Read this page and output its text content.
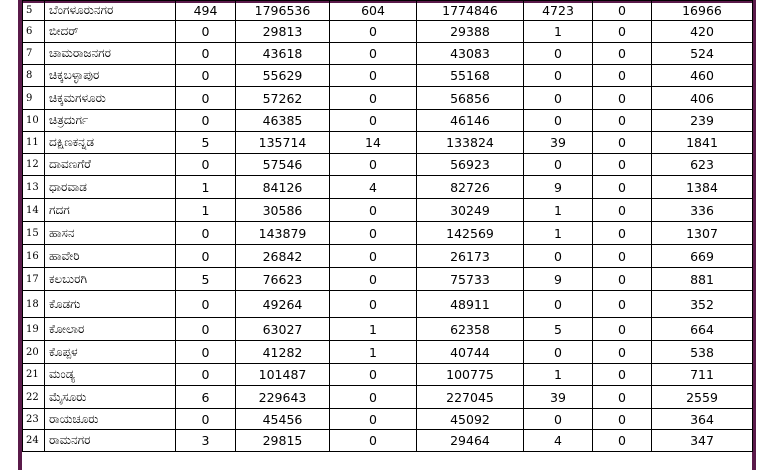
5	ಬೆಂಗಳೂರುನಗರ	494	1796536	604	1774846	4723	0	16966	
6	ಬೀದರ್	0	29813	0	29388	1	0	420	
7	ಚಾಮರಾಜನಗರ	0	43618	0	43083	0	0	524	
8	ಚಿಕ್ಕಬಳ್ಳಾಪುರ	0	55629	0	55168	0	0	460	
9	ಚಿಕ್ಕಮಗಳೂರು	0	57262	0	56856	0	0	406	
10	ಚಿತ್ರದುರ್ಗ	0	46385	0	46146	0	0	239	
11	ದಕ್ಷಿಣಕನ್ನಡ	5	135714	14	133824	39	0	1841	
12	ದಾವಣಗೆರೆ	0	57546	0	56923	0	0	623	
13	ಧಾರವಾಡ	1	84126	4	82726	9	0	1384	
14	ಗದಗ	1	30586	0	30249	1	0	336	
15	ಹಾಸನ	0	143879	0	142569	1	0	1307	
16	ಹಾವೇರಿ	0	26842	0	26173	0	0	669	
17	ಕಲಬುರಗಿ	5	76623	0	75733	9	0	881	
18	ಕೊಡಗು	0	49264	0	48911	0	0	352	
19	ಕೋಲಾರ	0	63027	1	62358	5	0	664	
20	ಕೊಪ್ಪಳ	0	41282	1	40744	0	0	538	
21	ಮಂಡ್ಯ	0	101487	0	100775	1	0	711	
22	ಮೈಸೂರು	6	229643	0	227045	39	0	2559	
23	ರಾಯಚೂರು	0	45456	0	45092	0	0	364	
24	ರಾಮನಗರ	3	29815	0	29464	4	0	347	
